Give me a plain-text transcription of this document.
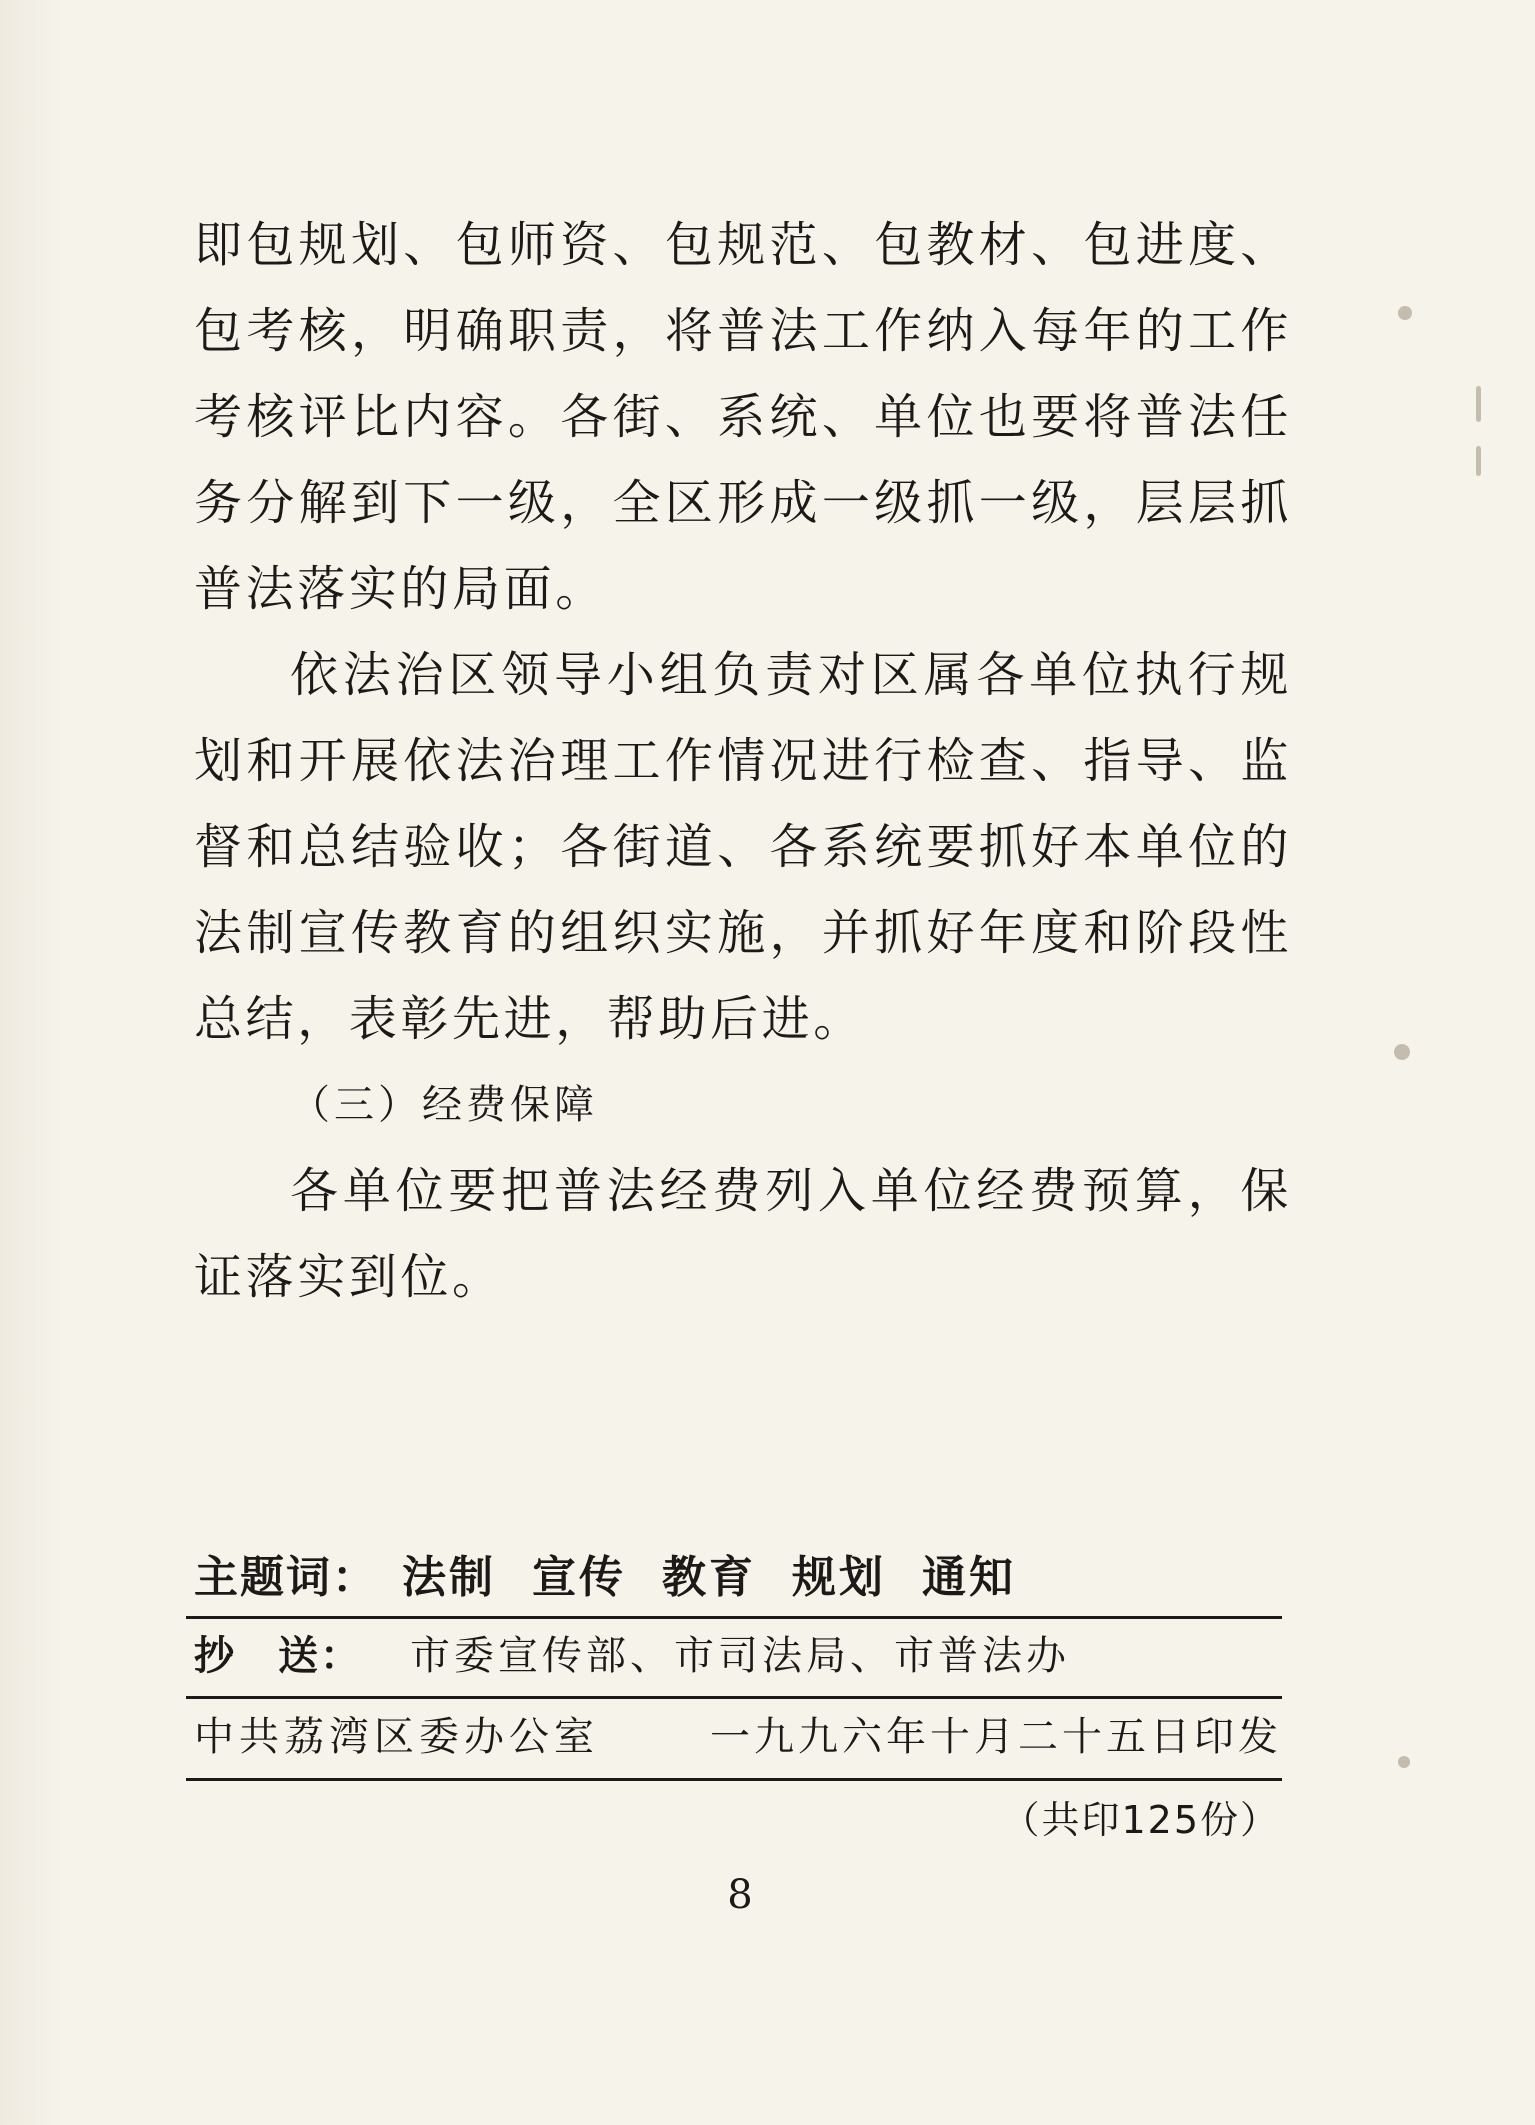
即包规划、包师资、包规范、包教材、包进度、包考核，明确职责，将普法工作纳入每年的工作考核评比内容。各街、系统、单位也要将普法任务分解到下一级，全区形成一级抓一级，层层抓普法落实的局面。

依法治区领导小组负责对区属各单位执行规划和开展依法治理工作情况进行检查、指导、监督和总结验收；各街道、各系统要抓好本单位的法制宣传教育的组织实施，并抓好年度和阶段性总结，表彰先进，帮助后进。

（三）经费保障

各单位要把普法经费列入单位经费预算，保证落实到位。

主题词： 法制 宣传 教育 规划 通知
抄　送： 市委宣传部、市司法局、市普法办
中共荔湾区委办公室	一九九六年十月二十五日印发
（共印125份）
8
